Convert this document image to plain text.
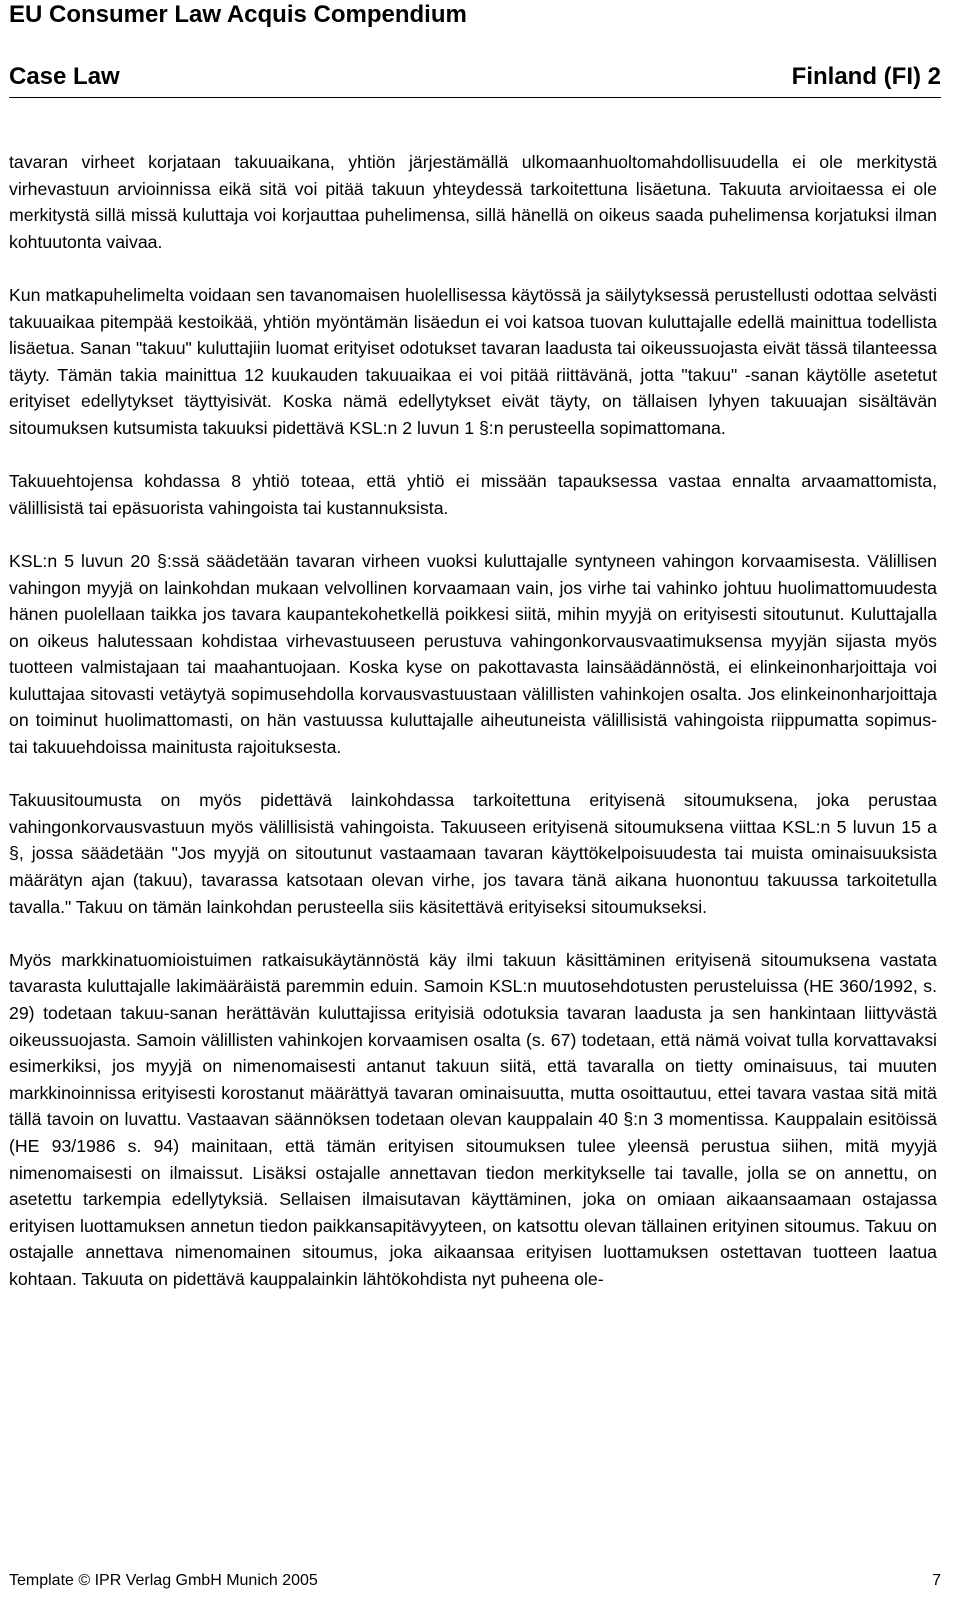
EU Consumer Law Acquis Compendium
Case Law	Finland (FI) 2

tavaran virheet korjataan takuuaikana, yhtiön järjestämällä ulkomaanhuoltomahdollisuudella ei ole merkitystä virhevastuun arvioinnissa eikä sitä voi pitää takuun yhteydessä tarkoitettuna lisäetuna. Takuuta arvioitaessa ei ole merkitystä sillä missä kuluttaja voi korjauttaa puhelimensa, sillä hänellä on oikeus saada puhelimensa korjatuksi ilman kohtuutonta vaivaa.

Kun matkapuhelimelta voidaan sen tavanomaisen huolellisessa käytössä ja säilytyksessä perustellusti odottaa selvästi takuuaikaa pitempää kestoikää, yhtiön myöntämän lisäedun ei voi katsoa tuovan kuluttajalle edellä mainittua todellista lisäetua. Sanan "takuu" kuluttajiin luomat erityiset odotukset tavaran laadusta tai oikeussuojasta eivät tässä tilanteessa täyty. Tämän takia mainittua 12 kuukauden takuuaikaa ei voi pitää riittävänä, jotta "takuu" -sanan käytölle asetetut erityiset edellytykset täyttyisivät. Koska nämä edellytykset eivät täyty, on tällaisen lyhyen takuuajan sisältävän sitoumuksen kutsumista takuuksi pidettävä KSL:n 2 luvun 1 §:n perusteella sopimattomana.

Takuuehtojensa kohdassa 8 yhtiö toteaa, että yhtiö ei missään tapauksessa vastaa ennalta arvaamattomista, välillisistä tai epäsuorista vahingoista tai kustannuksista.

KSL:n 5 luvun 20 §:ssä säädetään tavaran virheen vuoksi kuluttajalle syntyneen vahingon korvaamisesta. Välillisen vahingon myyjä on lainkohdan mukaan velvollinen korvaamaan vain, jos virhe tai vahinko johtuu huolimattomuudesta hänen puolellaan taikka jos tavara kaupantekohetkellä poikkesi siitä, mihin myyjä on erityisesti sitoutunut. Kuluttajalla on oikeus halutessaan kohdistaa virhevastuuseen perustuva vahingonkorvausvaatimuksensa myyjän sijasta myös tuotteen valmistajaan tai maahantuojaan. Koska kyse on pakottavasta lainsäädännöstä, ei elinkeinonharjoittaja voi kuluttajaa sitovasti vetäytyä sopimusehdolla korvausvastuustaan välillisten vahinkojen osalta. Jos elinkeinonharjoittaja on toiminut huolimattomasti, on hän vastuussa kuluttajalle aiheutuneista välillisistä vahingoista riippumatta sopimus- tai takuuehdoissa mainitusta rajoituksesta.

Takuusitoumusta on myös pidettävä lainkohdassa tarkoitettuna erityisenä sitoumuksena, joka perustaa vahingonkorvausvastuun myös välillisistä vahingoista. Takuuseen erityisenä sitoumuksena viittaa KSL:n 5 luvun 15 a §, jossa säädetään "Jos myyjä on sitoutunut vastaamaan tavaran käyttökelpoisuudesta tai muista ominaisuuksista määrätyn ajan (takuu), tavarassa katsotaan olevan virhe, jos tavara tänä aikana huonontuu takuussa tarkoitetulla tavalla." Takuu on tämän lainkohdan perusteella siis käsitettävä erityiseksi sitoumukseksi.

Myös markkinatuomioistuimen ratkaisukäytännöstä käy ilmi takuun käsittäminen erityisenä sitoumuksena vastata tavarasta kuluttajalle lakimääräistä paremmin eduin. Samoin KSL:n muutosehdotusten perusteluissa (HE 360/1992, s. 29) todetaan takuu-sanan herättävän kuluttajissa erityisiä odotuksia tavaran laadusta ja sen hankintaan liittyvästä oikeussuojasta. Samoin välillisten vahinkojen korvaamisen osalta (s. 67) todetaan, että nämä voivat tulla korvattavaksi esimerkiksi, jos myyjä on nimenomaisesti antanut takuun siitä, että tavaralla on tietty ominaisuus, tai muuten markkinoinnissa erityisesti korostanut määrättyä tavaran ominaisuutta, mutta osoittautuu, ettei tavara vastaa sitä mitä tällä tavoin on luvattu. Vastaavan säännöksen todetaan olevan kauppalain 40 §:n 3 momentissa. Kauppalain esitöissä (HE 93/1986 s. 94) mainitaan, että tämän erityisen sitoumuksen tulee yleensä perustua siihen, mitä myyjä nimenomaisesti on ilmaissut. Lisäksi ostajalle annettavan tiedon merkitykselle tai tavalle, jolla se on annettu, on asetettu tarkempia edellytyksiä. Sellaisen ilmaisutavan käyttäminen, joka on omiaan aikaansaamaan ostajassa erityisen luottamuksen annetun tiedon paikkansapitävyyteen, on katsottu olevan tällainen erityinen sitoumus. Takuu on ostajalle annettava nimenomainen sitoumus, joka aikaansaa erityisen luottamuksen ostettavan tuotteen laatua kohtaan. Takuuta on pidettävä kauppalainkin lähtökohdista nyt puheena ole-

Template © IPR Verlag GmbH Munich 2005	7
